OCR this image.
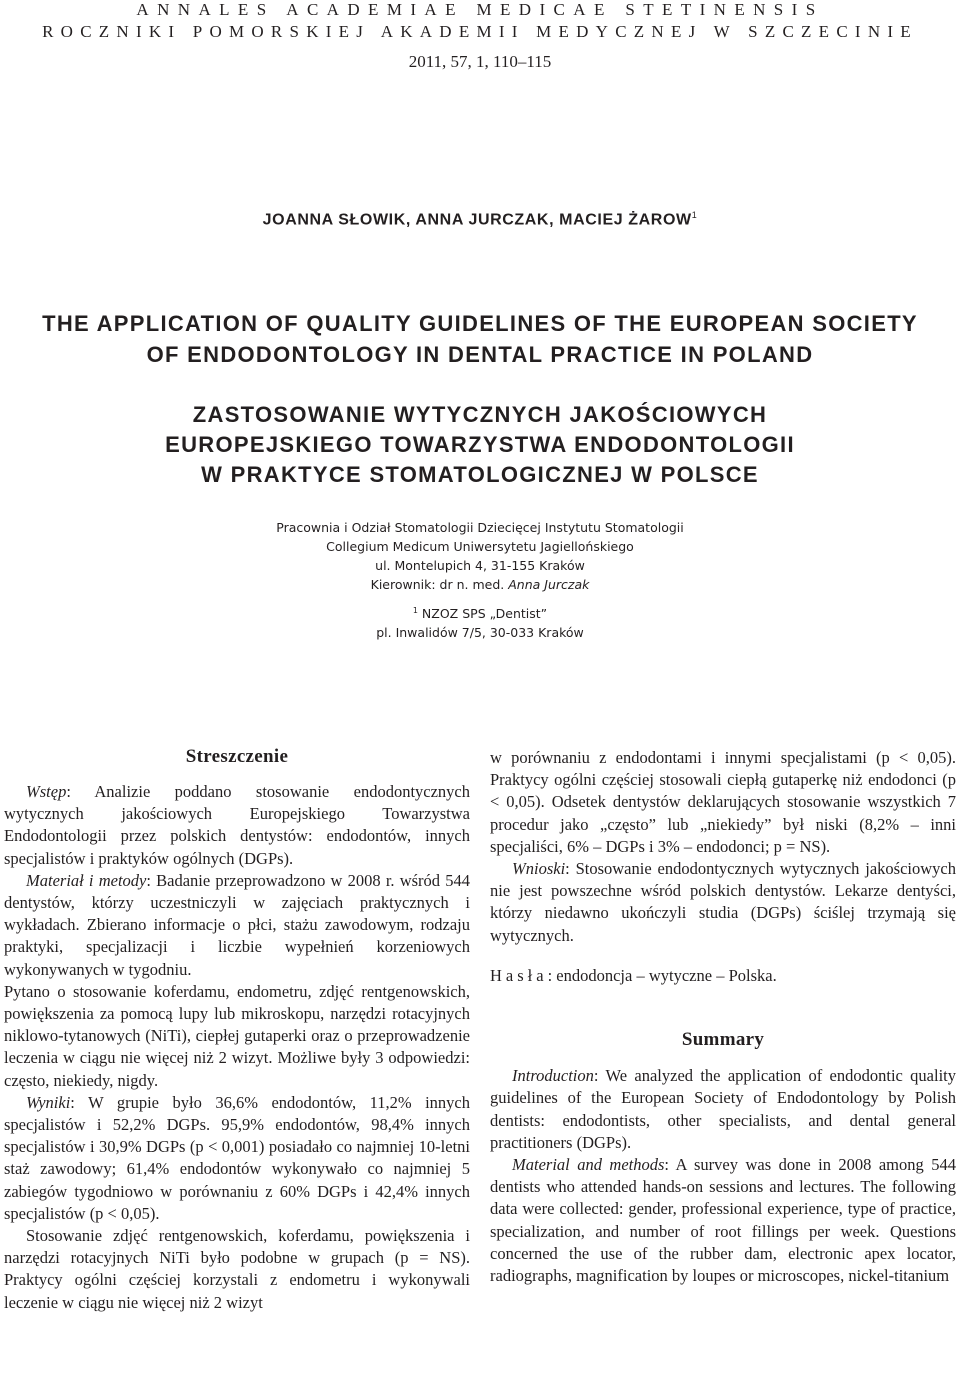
ANNALES ACADEMIAE MEDICAE STETINENSIS
ROCZNIKI POMORSKIEJ AKADEMII MEDYCZNEJ W SZCZECINIE
2011, 57, 1, 110–115
JOANNA SŁOWIK, ANNA JURCZAK, MACIEJ ŻAROW$^1$
THE APPLICATION OF QUALITY GUIDELINES OF THE EUROPEAN SOCIETY
OF ENDODONTOLOGY IN DENTAL PRACTICE IN POLAND
ZASTOSOWANIE WYTYCZNYCH JAKOŚCIOWYCH
EUROPEJSKIEGO TOWARZYSTWA ENDODONTOLOGII
W PRAKTYCE STOMATOLOGICZNEJ W POLSCE
Pracownia i Odział Stomatologii Dziecięcej Instytutu Stomatologii
Collegium Medicum Uniwersytetu Jagiellońskiego
ul. Montelupich 4, 31-155 Kraków
Kierownik: dr n. med. Anna Jurczak
$^1$ NZOZ SPS „Dentist”
pl. Inwalidów 7/5, 30-033 Kraków
Streszczenie

Wstęp: Analizie poddano stosowanie endodontycznych wytycznych jakościowych Europejskiego Towarzystwa Endodontologii przez polskich dentystów: endodontów, innych specjalistów i praktyków ogólnych (DGPs).

Materiał i metody: Badanie przeprowadzono w 2008 r. wśród 544 dentystów, którzy uczestniczyli w zajęciach praktycznych i wykładach. Zbierano informacje o płci, stażu zawodowym, rodzaju praktyki, specjalizacji i liczbie wypełnień korzeniowych wykonywanych w tygodniu.

Pytano o stosowanie koferdamu, endometru, zdjęć rentgenowskich, powiększenia za pomocą lupy lub mikroskopu, narzędzi rotacyjnych niklowo-tytanowych (NiTi), ciepłej gutaperki oraz o przeprowadzenie leczenia w ciągu nie więcej niż 2 wizyt. Możliwe były 3 odpowiedzi: często, niekiedy, nigdy.

Wyniki: W grupie było 36,6% endodontów, 11,2% innych specjalistów i 52,2% DGPs. 95,9% endodontów, 98,4% innych specjalistów i 30,9% DGPs (p < 0,001) posiadało co najmniej 10-letni staż zawodowy; 61,4% endodontów wykonywało co najmniej 5 zabiegów tygodniowo w porównaniu z 60% DGPs i 42,4% innych specjalistów (p < 0,05).

Stosowanie zdjęć rentgenowskich, koferdamu, powiększenia i narzędzi rotacyjnych NiTi było podobne w grupach (p = NS). Praktycy ogólni częściej korzystali z endometru i wykonywali leczenie w ciągu nie więcej niż 2 wizyt

w porównaniu z endodontami i innymi specjalistami (p < 0,05). Praktycy ogólni częściej stosowali ciepłą gutaperkę niż endodonci (p < 0,05). Odsetek dentystów deklarujących stosowanie wszystkich 7 procedur jako „często” lub „niekiedy” był niski (8,2% – inni specjaliści, 6% – DGPs i 3% – endodonci; p = NS).

Wnioski: Stosowanie endodontycznych wytycznych jakościowych nie jest powszechne wśród polskich dentystów. Lekarze dentyści, którzy niedawno ukończyli studia (DGPs) ściślej trzymają się wytycznych.

Hasła: endodoncja – wytyczne – Polska.

Summary

Introduction: We analyzed the application of endodontic quality guidelines of the European Society of Endodontology by Polish dentists: endodontists, other specialists, and dental general practitioners (DGPs).

Material and methods: A survey was done in 2008 among 544 dentists who attended hands-on sessions and lectures. The following data were collected: gender, professional experience, type of practice, specialization, and number of root fillings per week. Questions concerned the use of the rubber dam, electronic apex locator, radiographs, magnification by loupes or microscopes, nickel-titanium
